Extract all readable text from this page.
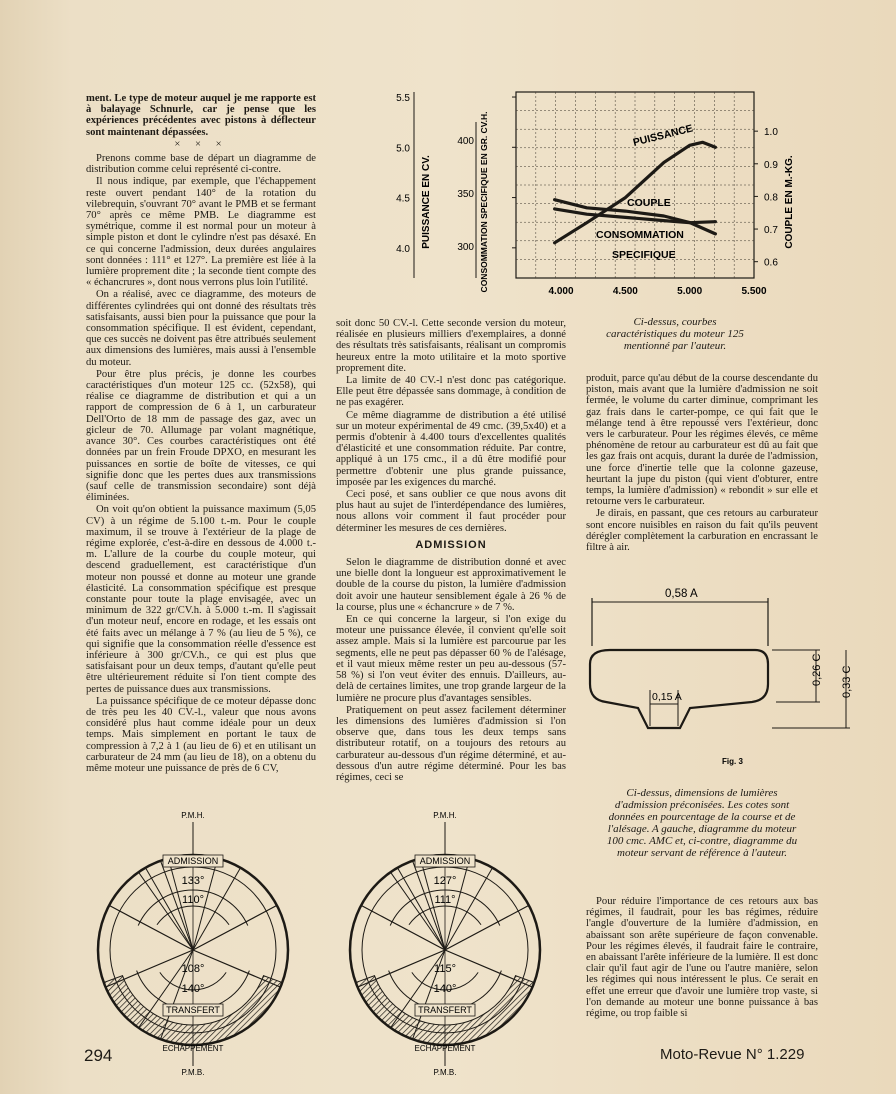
ment. Le type de moteur auquel je me rapporte est à balayage Schnurle, car je pense que les expériences précédentes avec pistons à déflecteur sont maintenant dépassées.

× × ×

Prenons comme base de départ un diagramme de distribution comme celui représenté ci-contre.

Il nous indique, par exemple, que l'échappement reste ouvert pendant 140° de la rotation du vilebrequin, s'ouvrant 70° avant le PMB et se fermant 70° après ce même PMB. Le diagramme est symétrique, comme il est normal pour un moteur à simple piston et dont le cylindre n'est pas désaxé. En ce qui concerne l'admission, deux durées angulaires sont données : 111° et 127°. La première est liée à la lumière proprement dite ; la seconde tient compte des « échancrures », dont nous verrons plus loin l'utilité.

On a réalisé, avec ce diagramme, des moteurs de différentes cylindrées qui ont donné des résultats très satisfaisants, aussi bien pour la puissance que pour la consommation spécifique. Il est évident, cependant, que ces succès ne doivent pas être attribués seulement aux dimensions des lumières, mais aussi à l'ensemble du moteur.

Pour être plus précis, je donne les courbes caractéristiques d'un moteur 125 cc. (52x58), qui réalise ce diagramme de distribution et qui a un rapport de compression de 6 à 1, un carburateur Dell'Orto de 18 mm de passage des gaz, avec un gicleur de 70. Allumage par volant magnétique, avance 30°. Ces courbes caractéristiques ont été données par un frein Froude DPXO, en mesurant les puissances en sortie de boîte de vitesses, ce qui signifie donc que les pertes dues aux transmissions (sauf celle de transmission secondaire) sont déjà éliminées.

On voit qu'on obtient la puissance maximum (5,05 CV) à un régime de 5.100 t.-m. Pour le couple maximum, il se trouve à l'extérieur de la plage de régime explorée, c'est-à-dire en dessous de 4.000 t.-m. L'allure de la courbe du couple moteur, qui descend graduellement, est caractéristique d'un moteur non poussé et donne au moteur une grande élasticité. La consommation spécifique est presque constante pour toute la plage envisagée, avec un minimum de 322 gr/CV.h. à 5.000 t.-m. Il s'agissait d'un moteur neuf, encore en rodage, et les essais ont été faits avec un mélange à 7 % (au lieu de 5 %), ce qui signifie que la consommation réelle d'essence est inférieure à 300 gr/CV.h., ce qui est plus que satisfaisant pour un deux temps, d'autant qu'elle peut être ultérieurement réduite si l'on tient compte des pertes de puissance dues aux transmissions.

La puissance spécifique de ce moteur dépasse donc de très peu les 40 CV.-l., valeur que nous avons considéré plus haut comme idéale pour un deux temps. Mais simplement en portant le taux de compression à 7,2 à 1 (au lieu de 6) et en utilisant un carburateur de 24 mm (au lieu de 18), on a obtenu du même moteur une puissance de près de 6 CV,

4.000	4.500	5.000	5.500
4.0
4.5
5.0
5.5
300
350
400
0.6
0.7
0.8
0.9
1.0
PUISSANCE EN CV.	CONSOMMATION SPECIFIQUE EN GR. CV.H.	COUPLE EN M.-KG.
PUISSANCE
COUPLE
CONSOMMATION
SPECIFIQUE
Ci-dessus, courbes caractéristiques du moteur 125 mentionné par l'auteur.

soit donc 50 CV.-l. Cette seconde version du moteur, réalisée en plusieurs milliers d'exemplaires, a donné des résultats très satisfaisants, réalisant un compromis heureux entre la moto utilitaire et la moto sportive proprement dite.

La limite de 40 CV.-l n'est donc pas catégorique. Elle peut être dépassée sans dommage, à condition de ne pas exagérer.

Ce même diagramme de distribution a été utilisé sur un moteur expérimental de 49 cmc. (39,5x40) et a permis d'obtenir à 4.400 tours d'excellentes qualités d'élasticité et une consommation réduite. Par contre, appliqué à un 175 cmc., il a dû être modifié pour permettre d'obtenir une plus grande puissance, imposée par les exigences du marché.

Ceci posé, et sans oublier ce que nous avons dit plus haut au sujet de l'interdépendance des lumières, nous allons voir comment il faut procéder pour déterminer les mesures de ces dernières.

ADMISSION

Selon le diagramme de distribution donné et avec une bielle dont la longueur est approximativement le double de la course du piston, la lumière d'admission doit avoir une hauteur sensiblement égale à 26 % de la course, plus une « échancrure » de 7 %.

En ce qui concerne la largeur, si l'on exige du moteur une puissance élevée, il convient qu'elle soit assez ample. Mais si la lumière est parcourue par les segments, elle ne peut pas dépasser 60 % de l'alésage, et il vaut mieux même rester un peu au-dessous (57-58 %) si l'on veut éviter des ennuis. D'ailleurs, au-delà de certaines limites, une trop grande largeur de la lumière ne procure plus d'avantages sensibles.

Pratiquement on peut assez facilement déterminer les dimensions des lumières d'admission si l'on observe que, dans tous les deux temps sans distributeur rotatif, on a toujours des retours au carburateur au-dessous d'un régime déterminé, et au-dessous d'un autre régime déterminé. Pour les bas régimes, ceci se

produit, parce qu'au début de la course descendante du piston, mais avant que la lumière d'admission ne soit fermée, le volume du carter diminue, comprimant les gaz frais dans le carter-pompe, ce qui fait que le mélange tend à être repoussé vers l'extérieur, donc vers le carburateur. Pour les régimes élevés, ce même phénomène de retour au carburateur est dû au fait que les gaz frais ont acquis, durant la durée de l'admission, une force d'inertie telle que la colonne gazeuse, heurtant la jupe du piston (qui vient d'obturer, entre temps, la lumière d'admission) « rebondit » sur elle et retourne vers le carburateur.

Je dirais, en passant, que ces retours au carburateur sont encore nuisibles en raison du fait qu'ils peuvent dérégler complètement la carburation en encrassant le filtre à air.

0,58 A
0,15 A
0,26 C 0,33 C
Fig. 3
Ci-dessus, dimensions de lumières d'admission préconisées. Les cotes sont données en pourcentage de la course et de l'alésage. A gauche, diagramme du moteur 100 cmc. AMC et, ci-contre, diagramme du moteur servant de référence à l'auteur.

Pour réduire l'importance de ces retours aux bas régimes, il faudrait, pour les bas régimes, réduire l'angle d'ouverture de la lumière d'admission, en abaissant son arête supérieure de façon convenable. Pour les régimes élevés, il faudrait faire le contraire, en abaissant l'arête inférieure de la lumière. Il est donc clair qu'il faut agir de l'une ou l'autre manière, selon les régimes qui nous intéressent le plus. Ce serait en effet une erreur que d'avoir une lumière trop vaste, si l'on demande au moteur une bonne puissance à bas régime, ou trop faible si

P.M.H.
ADMISSION
133°
110°
108°
140°
TRANSFERT
ECHAPPEMENT
P.M.B.
P.M.H.
ADMISSION
127°
111°
115°
140°
TRANSFERT
ECHAPPEMENT
P.M.B.
294	Moto-Revue N° 1.229
